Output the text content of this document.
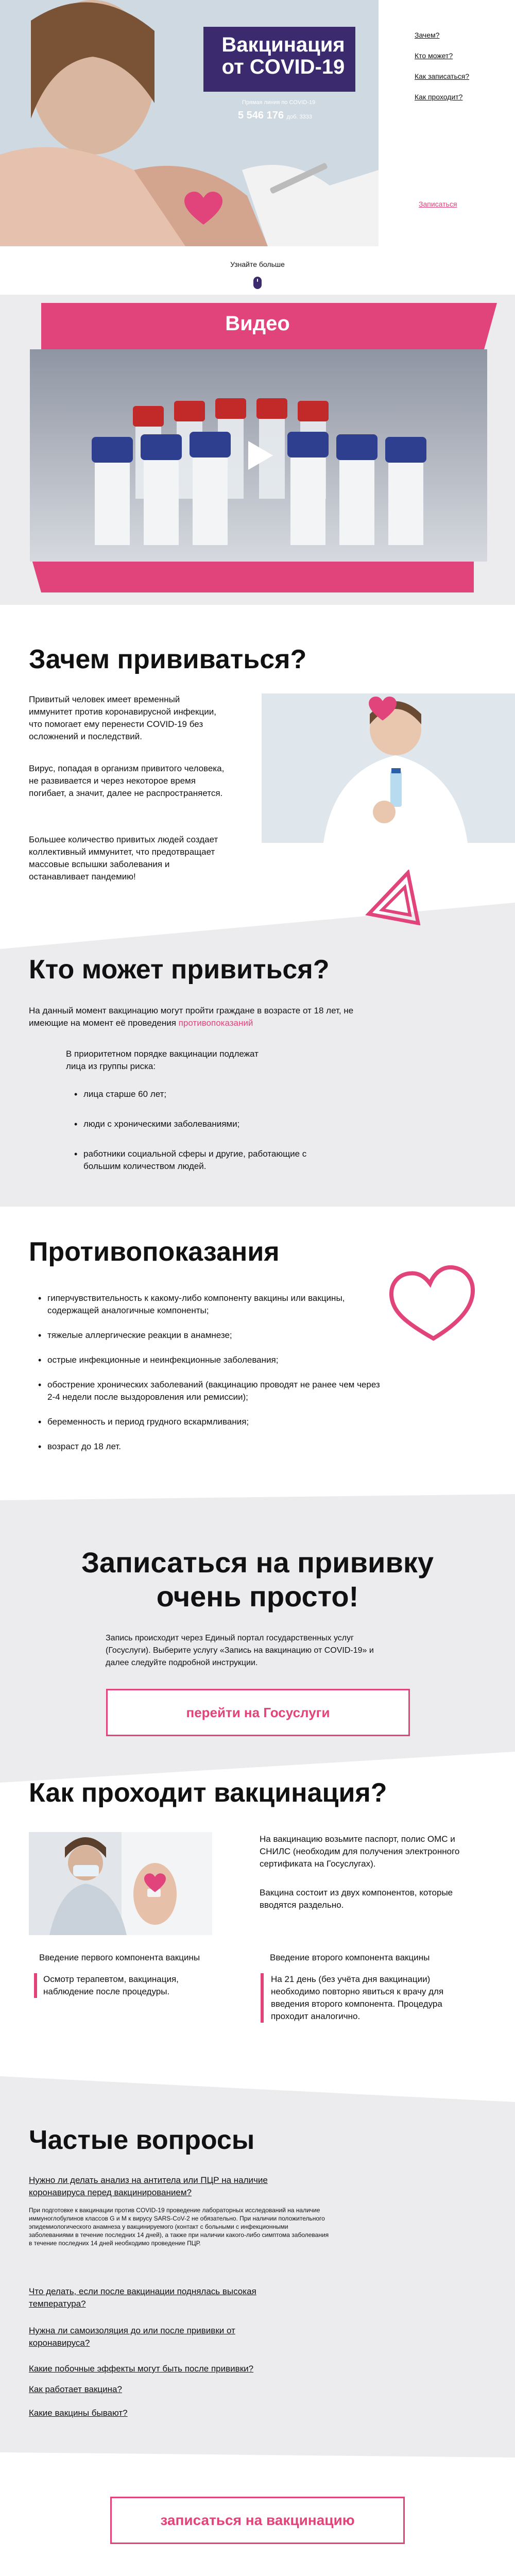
Вакцинация
от COVID-19
Прямая линия по COVID-19
5 546 176 доб. 3333
Зачем?
Кто может?
Как записаться?
Как проходит?
Записаться
Узнайте больше
Видео
Зачем прививаться?
Привитый человек имеет временный иммунитет против коронавирусной инфекции, что помогает ему перенести COVID-19 без осложнений и последствий.
Вирус, попадая в организм привитого человека, не развивается и через некоторое время погибает, а значит, далее не распространяется.
Большее количество привитых людей создает коллективный иммунитет, что предотвращает массовые вспышки заболевания и останавливает пандемию!
Кто может привиться?
На данный момент вакцинацию могут пройти граждане в возрасте от 18 лет, не имеющие на момент её проведения противопоказаний
В приоритетном порядке вакцинации подлежат лица из группы риска:
• лица старше 60 лет;
• люди с хроническими заболеваниями;
• работники социальной сферы и другие, работающие с большим количеством людей.
Противопоказания
• гиперчувствительность к какому-либо компоненту вакцины или вакцины, содержащей аналогичные компоненты;
• тяжелые аллергические реакции в анамнезе;
• острые инфекционные и неинфекционные заболевания;
• обострение хронических заболеваний (вакцинацию проводят не ранее чем через 2-4 недели после выздоровления или ремиссии);
• беременность и период грудного вскармливания;
• возраст до 18 лет.
Записаться на прививку
очень просто!
Запись происходит через Единый портал государственных услуг (Госуслуги). Выберите услугу «Запись на вакцинацию от COVID-19» и далее следуйте подробной инструкции.
перейти на Госуслуги
Как проходит вакцинация?
На вакцинацию возьмите паспорт, полис ОМС и СНИЛС (необходим для получения электронного сертификата на Госуслугах).
Вакцина состоит из двух компонентов, которые вводятся раздельно.
Введение первого компонента вакцины
Осмотр терапевтом, вакцинация, наблюдение после процедуры.
Введение второго компонента вакцины
На 21 день (без учёта дня вакцинации) необходимо повторно явиться к врачу для введения второго компонента. Процедура проходит аналогично.
Частые вопросы
Нужно ли делать анализ на антитела или ПЦР на наличие коронавируса перед вакцинированием?
При подготовке к вакцинации против COVID-19 проведение лабораторных исследований на наличие иммуноглобулинов классов G и M к вирусу SARS-CoV-2 не обязательно. При наличии положительного эпидемиологического анамнеза у вакцинируемого (контакт с больными с инфекционными заболеваниями в течение последних 14 дней), а также при наличии какого-либо симптома заболевания в течение последних 14 дней необходимо проведение ПЦР.
Что делать, если после вакцинации поднялась высокая температура?
Нужна ли самоизоляция до или после прививки от коронавируса?
Какие побочные эффекты могут быть после прививки?
Как работает вакцина?
Какие вакцины бывают?
записаться на вакцинацию
